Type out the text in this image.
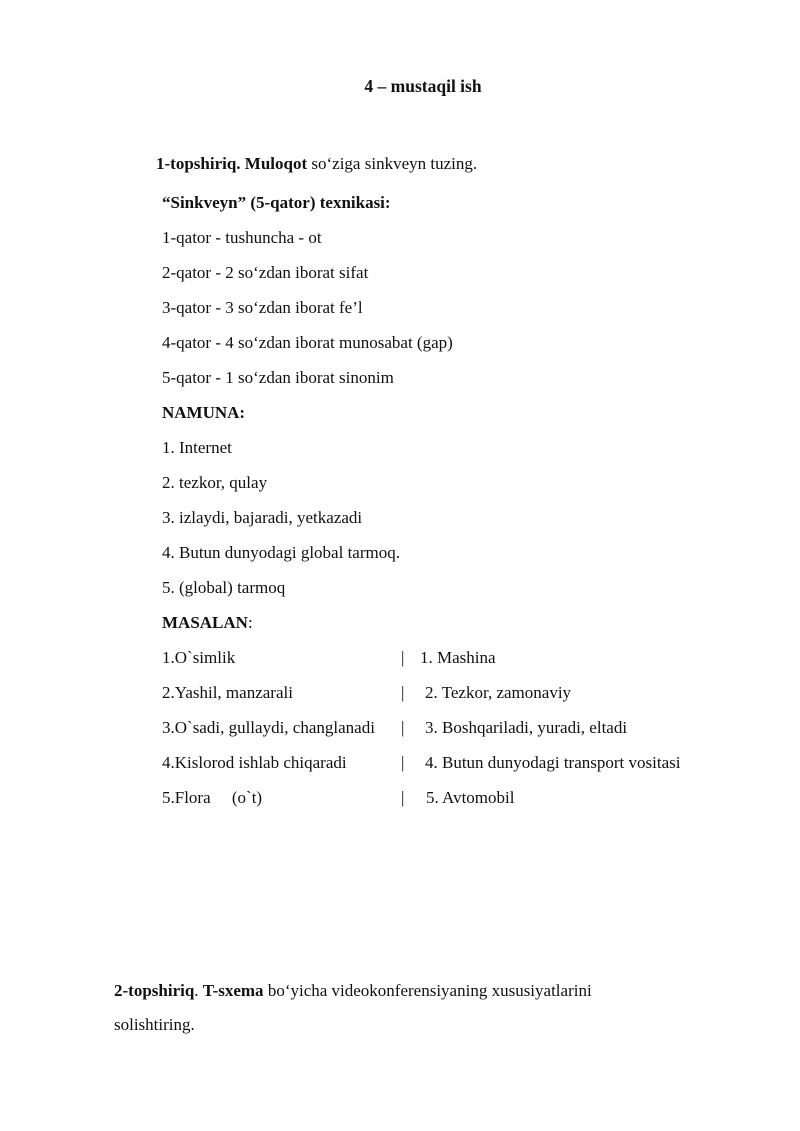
4 – mustaqil ish
1-topshiriq. Muloqot so‘ziga sinkveyn tuzing.
“Sinkveyn” (5-qator) texnikasi:
1-qator - tushuncha - ot
2-qator - 2 so‘zdan iborat sifat
3-qator - 3 so‘zdan iborat fe’l
4-qator - 4 so‘zdan iborat munosabat (gap)
5-qator - 1 so‘zdan iborat sinonim
NAMUNA:
1. Internet
2. tezkor, qulay
3. izlaydi, bajaradi, yetkazadi
4. Butun dunyodagi global tarmoq.
5. (global) tarmoq
MASALAN:
1.O`simlik	| 1. Mashina
2.Yashil, manzarali	| 2. Tezkor, zamonaviy
3.O`sadi, gullaydi, changlanadi | 3. Boshqariladi, yuradi, eltadi
4.Kislorod ishlab chiqaradi	| 4. Butun dunyodagi transport vositasi
5.Flora     (o`t)	| 5. Avtomobil
2-topshiriq. T-sxema bo‘yicha videokonferensiyaning xususiyatlarini
solishtiring.
